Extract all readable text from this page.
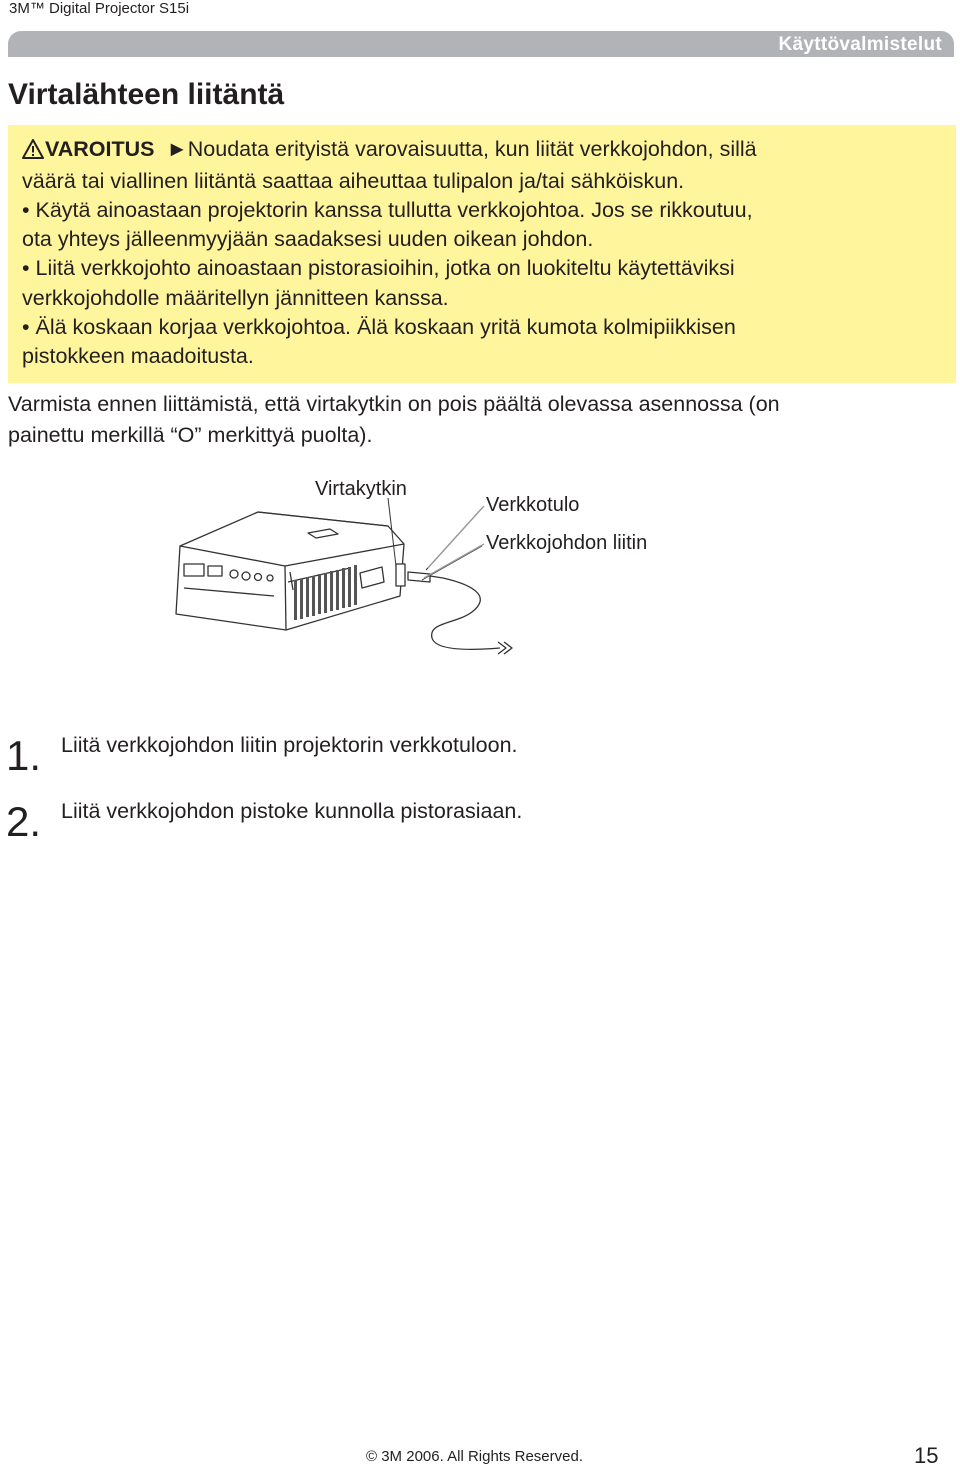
3M™ Digital Projector S15i
Käyttövalmistelut
Virtalähteen liitäntä
VAROITUS ►Noudata erityistä varovaisuutta, kun liität verkkojohdon, sillä
väärä tai viallinen liitäntä saattaa aiheuttaa tulipalon ja/tai sähköiskun.
• Käytä ainoastaan projektorin kanssa tullutta verkkojohtoa. Jos se rikkoutuu,
ota yhteys jälleenmyyjään saadaksesi uuden oikean johdon.
• Liitä verkkojohto ainoastaan pistorasioihin, jotka on luokiteltu käytettäviksi
verkkojohdolle määritellyn jännitteen kanssa.
• Älä koskaan korjaa verkkojohtoa. Älä koskaan yritä kumota kolmipiikkisen
pistokkeen maadoitusta.
Varmista ennen liittämistä, että virtakytkin on pois päältä olevassa asennossa (on
painettu merkillä “O” merkittyä puolta).
Virtakytkin
Verkkotulo
Verkkojohdon liitin
1. Liitä verkkojohdon liitin projektorin verkkotuloon.
2. Liitä verkkojohdon pistoke kunnolla pistorasiaan.
© 3M 2006. All Rights Reserved.	15
